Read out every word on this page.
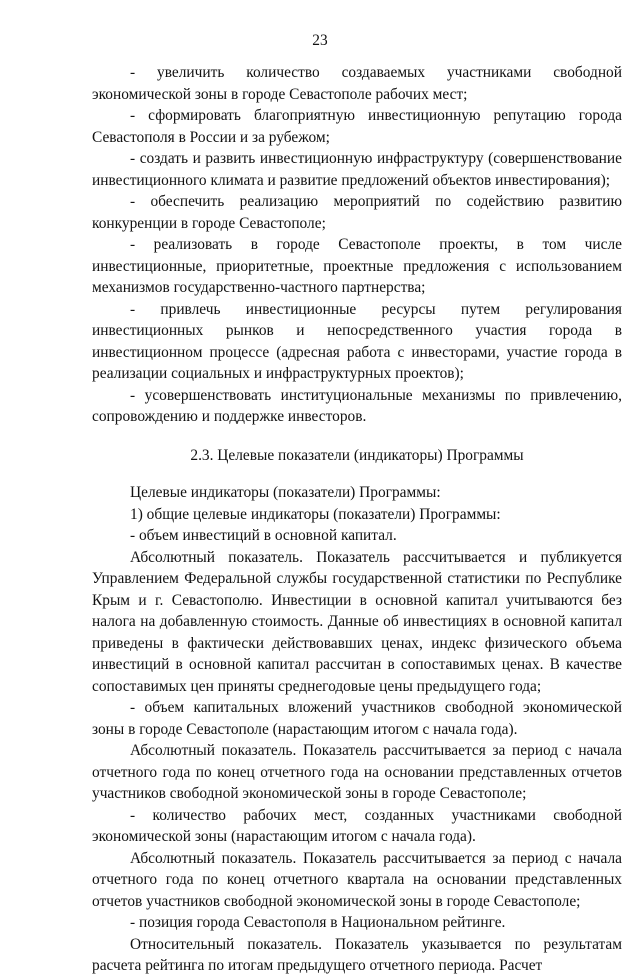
23

- увеличить количество создаваемых участниками свободной экономической зоны в городе Севастополе рабочих мест;

- сформировать благоприятную инвестиционную репутацию города Севастополя в России и за рубежом;

- создать и развить инвестиционную инфраструктуру (совершенствование инвестиционного климата и развитие предложений объектов инвестирования);

- обеспечить реализацию мероприятий по содействию развитию конкуренции в городе Севастополе;

- реализовать в городе Севастополе проекты, в том числе инвестиционные, приоритетные, проектные предложения с использованием механизмов государственно-частного партнерства;

- привлечь инвестиционные ресурсы путем регулирования инвестиционных рынков и непосредственного участия города в инвестиционном процессе (адресная работа с инвесторами, участие города в реализации социальных и инфраструктурных проектов);

- усовершенствовать институциональные механизмы по привлечению, сопровождению и поддержке инвесторов.

2.3. Целевые показатели (индикаторы) Программы

Целевые индикаторы (показатели) Программы:

1) общие целевые индикаторы (показатели) Программы:

- объем инвестиций в основной капитал.

Абсолютный показатель. Показатель рассчитывается и публикуется Управлением Федеральной службы государственной статистики по Республике Крым и г. Севастополю. Инвестиции в основной капитал учитываются без налога на добавленную стоимость. Данные об инвестициях в основной капитал приведены в фактически действовавших ценах, индекс физического объема инвестиций в основной капитал рассчитан в сопоставимых ценах. В качестве сопоставимых цен приняты среднегодовые цены предыдущего года;

- объем капитальных вложений участников свободной экономической зоны в городе Севастополе (нарастающим итогом с начала года).

Абсолютный показатель. Показатель рассчитывается за период с начала отчетного года по конец отчетного года на основании представленных отчетов участников свободной экономической зоны в городе Севастополе;

- количество рабочих мест, созданных участниками свободной экономической зоны (нарастающим итогом с начала года).

Абсолютный показатель. Показатель рассчитывается за период с начала отчетного года по конец отчетного квартала на основании представленных отчетов участников свободной экономической зоны в городе Севастополе;

- позиция города Севастополя в Национальном рейтинге.

Относительный показатель. Показатель указывается по результатам расчета рейтинга по итогам предыдущего отчетного периода. Расчет
